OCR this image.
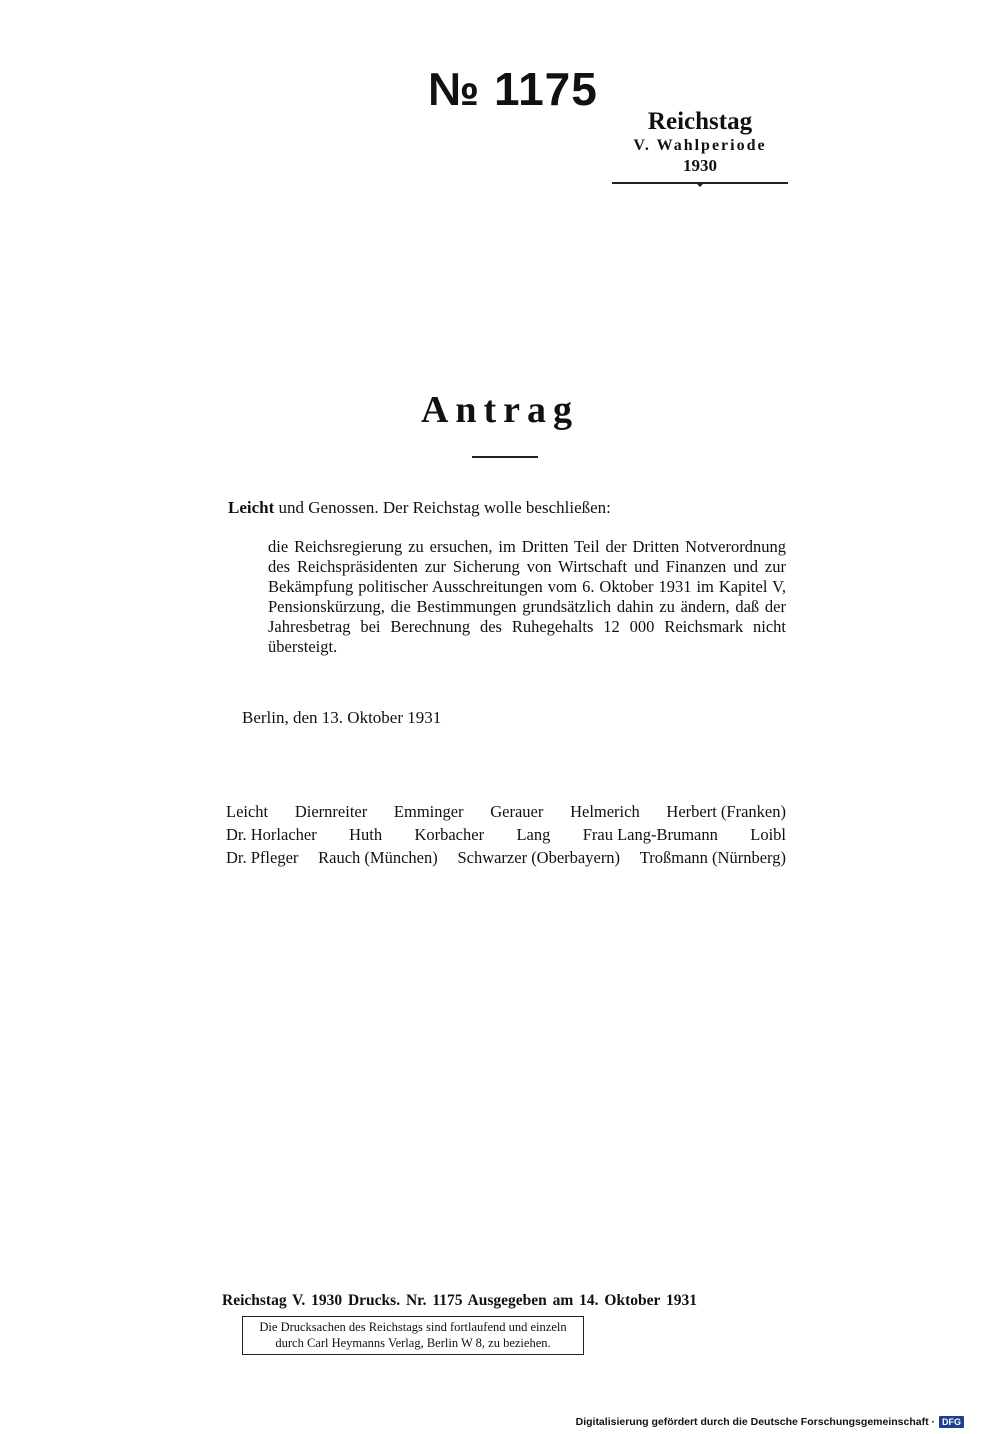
№ 1175
Reichstag
V. Wahlperiode
1930
Antrag
Leicht und Genossen. Der Reichstag wolle beschließen:
die Reichsregierung zu ersuchen, im Dritten Teil der Dritten Notverordnung des Reichspräsidenten zur Sicherung von Wirtschaft und Finanzen und zur Bekämpfung politischer Ausschreitungen vom 6. Oktober 1931 im Kapitel V, Pensionskürzung, die Bestimmungen grundsätzlich dahin zu ändern, daß der Jahresbetrag bei Berechnung des Ruhegehalts 12 000 Reichsmark nicht übersteigt.
Berlin, den 13. Oktober 1931
Leicht Diernreiter Emminger Gerauer Helmerich Herbert (Franken)
Dr. Horlacher Huth Korbacher Lang Frau Lang-Brumann Loibl
Dr. Pfleger Rauch (München) Schwarzer (Oberbayern) Troßmann (Nürnberg)
Reichstag V. 1930 Drucks. Nr. 1175 Ausgegeben am 14. Oktober 1931
Die Drucksachen des Reichstags sind fortlaufend und einzeln
durch Carl Heymanns Verlag, Berlin W 8, zu beziehen.
Digitalisierung gefördert durch die Deutsche Forschungsgemeinschaft · DFG
